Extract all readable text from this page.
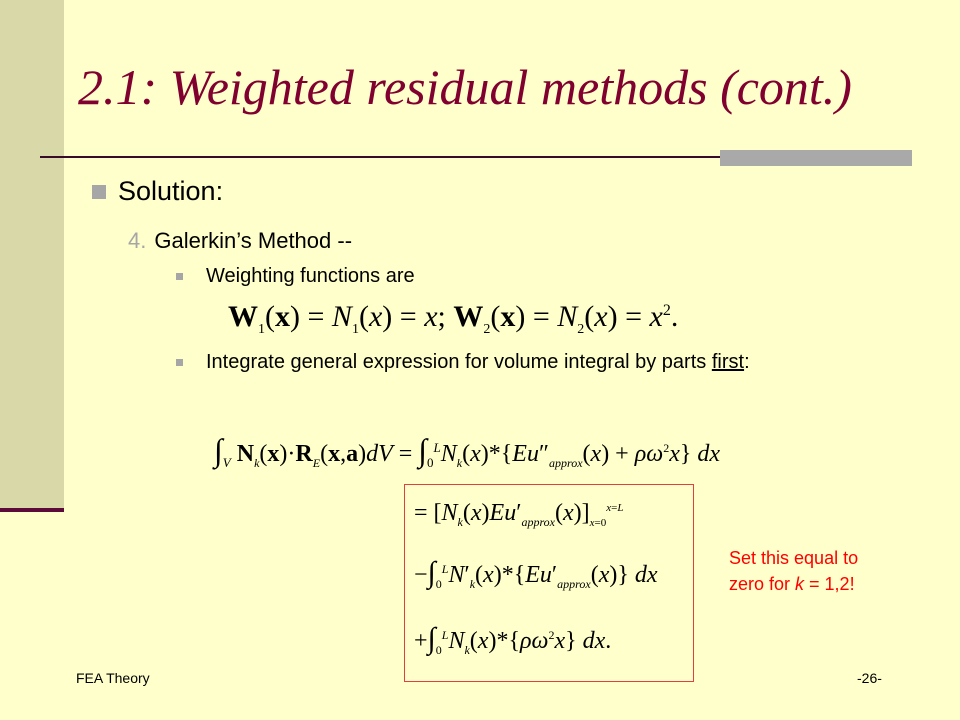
2.1: Weighted residual methods (cont.)
Solution:
4. Galerkin’s Method --
Weighting functions are
$W_1(x) = N_1(x) = x$; $W_2(x) = N_2(x) = x^2$.
Integrate general expression for volume integral by parts first:
$\int_V$ $N_k(x)\cdot R_E(x,a)dV = \int_0^LN_k(x)*\{Eu''_{approx}(x) + \rho\omega^2x\}$ dx
= $[N_k(x)Eu'_{approx}(x)]_{x=0}^{x=L}$
$-\int_0^LN'_k(x)*\{Eu'_{approx}(x)\}$ dx
$+\int_0^LN_k(x)*\{\rho\omega^2x\}$ dx.
Set this equal to
zero for k = 1,2!
FEA Theory	-26-
